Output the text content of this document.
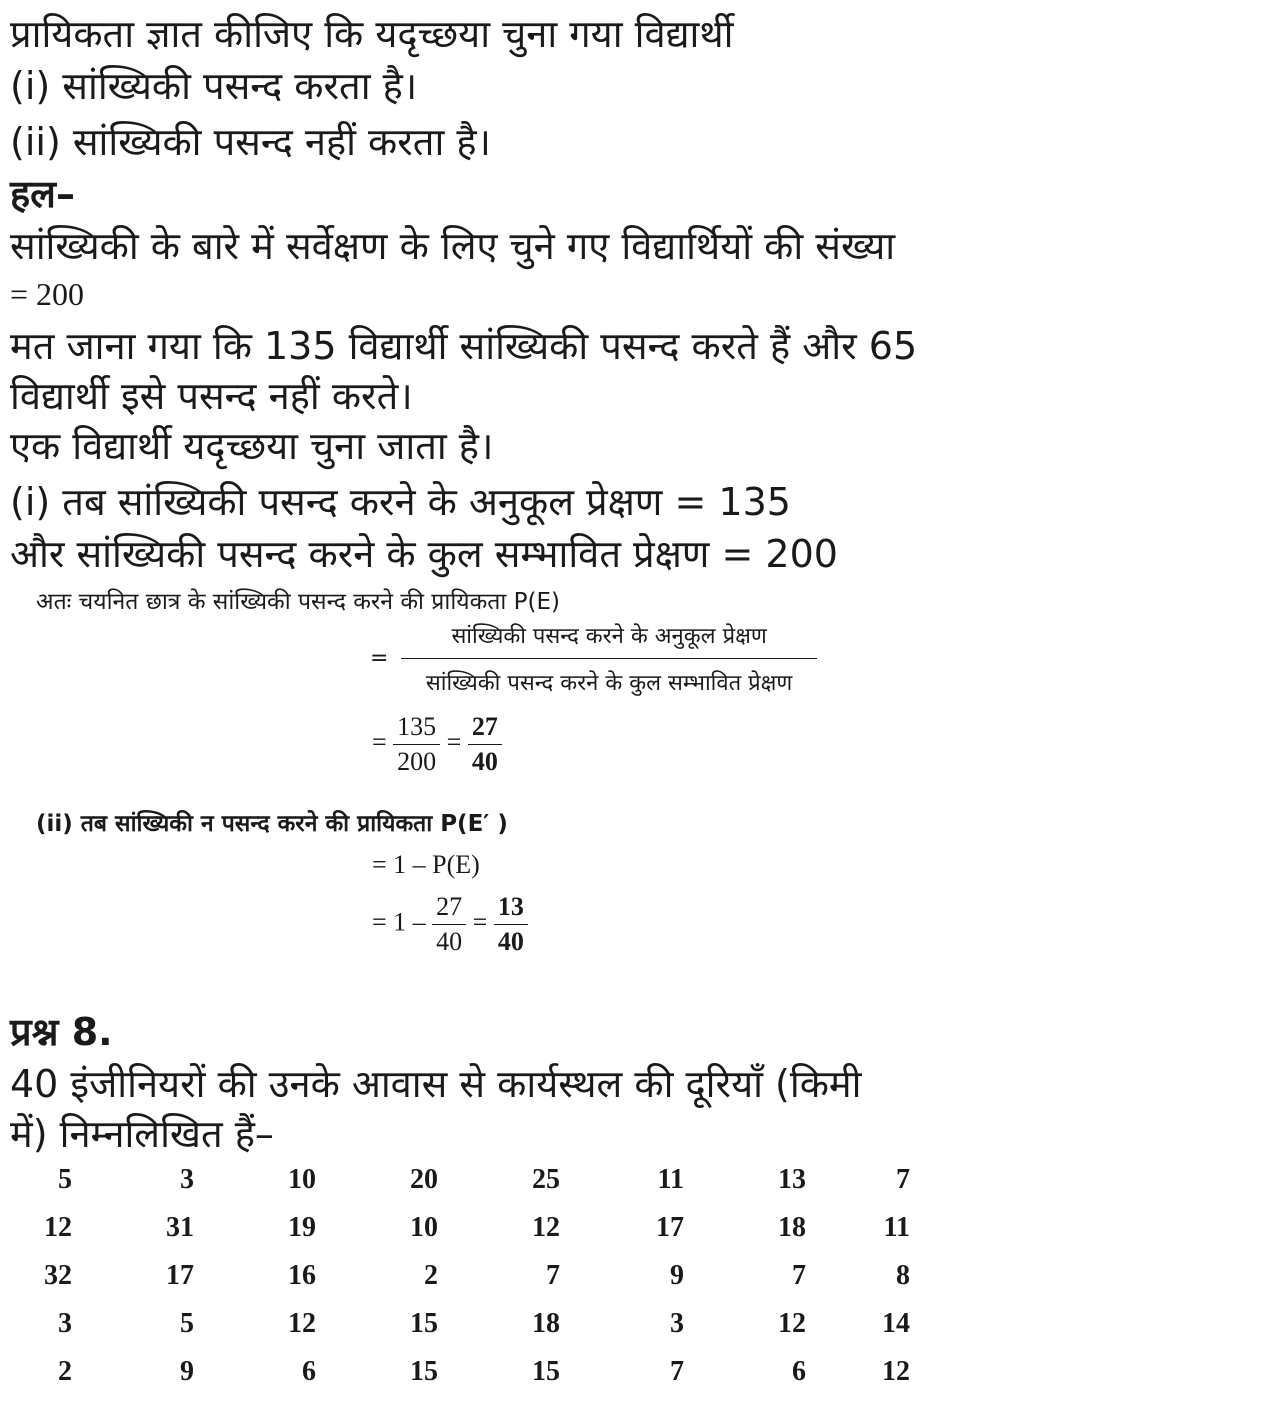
प्रायिकता ज्ञात कीजिए कि यदृच्छया चुना गया विद्यार्थी
(i) सांख्यिकी पसन्द करता है।
(ii) सांख्यिकी पसन्द नहीं करता है।
हल–
सांख्यिकी के बारे में सर्वेक्षण के लिए चुने गए विद्यार्थियों की संख्या
= 200
मत जाना गया कि 135 विद्यार्थी सांख्यिकी पसन्द करते हैं और 65
विद्यार्थी इसे पसन्द नहीं करते।
एक विद्यार्थी यदृच्छया चुना जाता है।
(i) तब सांख्यिकी पसन्द करने के अनुकूल प्रेक्षण = 135
और सांख्यिकी पसन्द करने के कुल सम्भावित प्रेक्षण = 200
अतः चयनित छात्र के सांख्यिकी पसन्द करने की प्रायिकता P(E)
= $\frac{\text{सांख्यिकी पसन्द करने के अनुकूल प्रेक्षण}}{\text{सांख्यिकी पसन्द करने के कुल सम्भावित प्रेक्षण}}$
= $\frac{135}{200} = \frac{27}{40}$
(ii) तब सांख्यिकी न पसन्द करने की प्रायिकता P(E′ )
= 1 – P(E)
= $1 - \frac{27}{40} = \frac{13}{40}$
प्रश्न 8.
40 इंजीनियरों की उनके आवास से कार्यस्थल की दूरियाँ (किमी
में) निम्नलिखित हैं–
5	3	10	20	25	11	13	7
12	31	19	10	12	17	18	11
32	17	16	2	7	9	7	8
3	5	12	15	18	3	12	14
2	9	6	15	15	7	6	12
